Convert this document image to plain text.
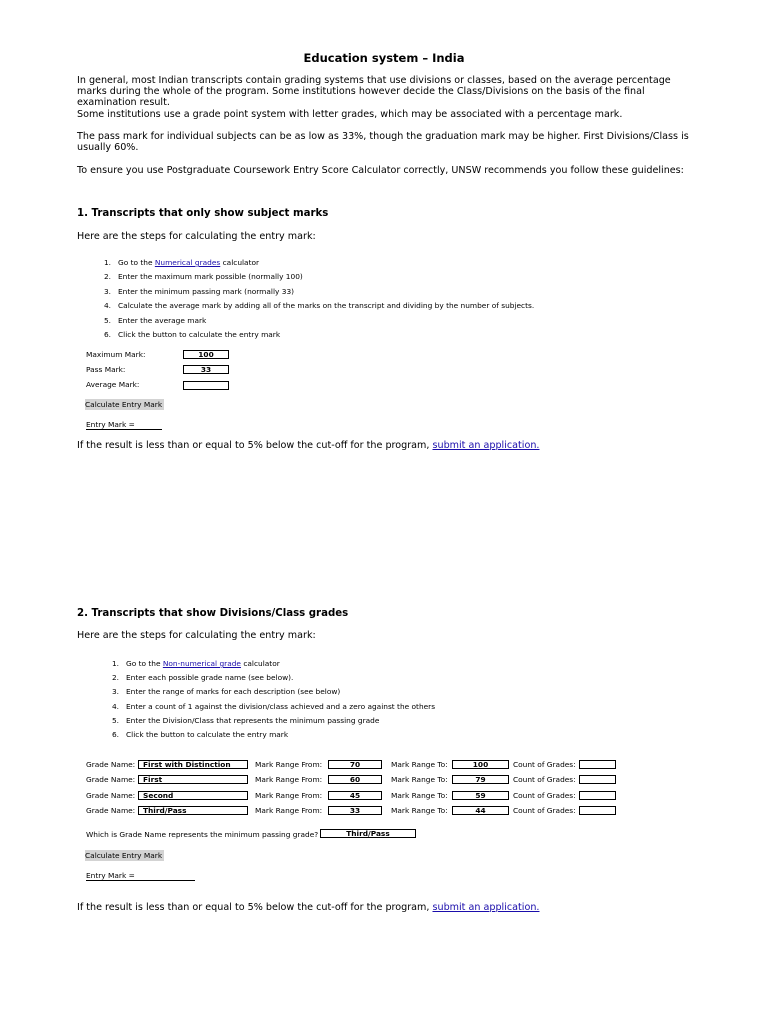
Education system – India
In general, most Indian transcripts contain grading systems that use divisions or classes, based on the average percentage marks during the whole of the program. Some institutions however decide the Class/Divisions on the basis of the final examination result.
Some institutions use a grade point system with letter grades, which may be associated with a percentage mark.
The pass mark for individual subjects can be as low as 33%, though the graduation mark may be higher. First Divisions/Class is usually 60%.
To ensure you use Postgraduate Coursework Entry Score Calculator correctly, UNSW recommends you follow these guidelines:
1. Transcripts that only show subject marks
Here are the steps for calculating the entry mark:
1. Go to the Numerical grades calculator
2. Enter the maximum mark possible (normally 100)
3. Enter the minimum passing mark (normally 33)
4. Calculate the average mark by adding all of the marks on the transcript and dividing by the number of subjects.
5. Enter the average mark
6. Click the button to calculate the entry mark
Maximum Mark:	100
Pass Mark:	33
Average Mark:
Calculate Entry Mark
Entry Mark =
If the result is less than or equal to 5% below the cut-off for the program, submit an application.
2. Transcripts that show Divisions/Class grades
Here are the steps for calculating the entry mark:
1. Go to the Non-numerical grade calculator
2. Enter each possible grade name (see below).
3. Enter the range of marks for each description (see below)
4. Enter a count of 1 against the division/class achieved and a zero against the others
5. Enter the Division/Class that represents the minimum passing grade
6. Click the button to calculate the entry mark
Grade Name:	First with Distinction	Mark Range From:	70	Mark Range To:	100	Count of Grades:
Grade Name:	First	Mark Range From:	60	Mark Range To:	79	Count of Grades:
Grade Name:	Second	Mark Range From:	45	Mark Range To:	59	Count of Grades:
Grade Name:	Third/Pass	Mark Range From:	33	Mark Range To:	44	Count of Grades:
Which is Grade Name represents the minimum passing grade?	Third/Pass
Calculate Entry Mark
Entry Mark =
If the result is less than or equal to 5% below the cut-off for the program, submit an application.
